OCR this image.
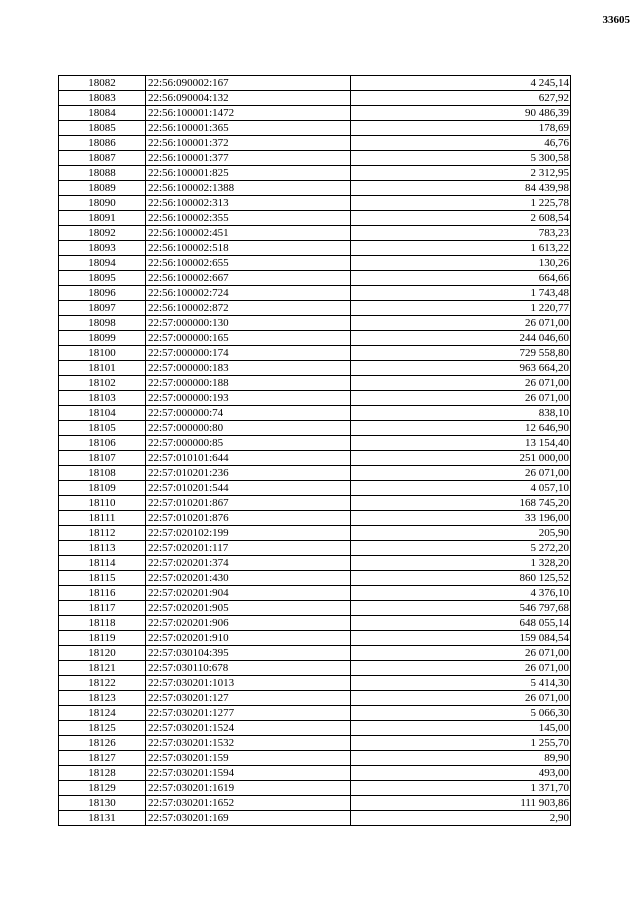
33605
18082	22:56:090002:167	4 245,14
18083	22:56:090004:132	627,92
18084	22:56:100001:1472	90 486,39
18085	22:56:100001:365	178,69
18086	22:56:100001:372	46,76
18087	22:56:100001:377	5 300,58
18088	22:56:100001:825	2 312,95
18089	22:56:100002:1388	84 439,98
18090	22:56:100002:313	1 225,78
18091	22:56:100002:355	2 608,54
18092	22:56:100002:451	783,23
18093	22:56:100002:518	1 613,22
18094	22:56:100002:655	130,26
18095	22:56:100002:667	664,66
18096	22:56:100002:724	1 743,48
18097	22:56:100002:872	1 220,77
18098	22:57:000000:130	26 071,00
18099	22:57:000000:165	244 046,60
18100	22:57:000000:174	729 558,80
18101	22:57:000000:183	963 664,20
18102	22:57:000000:188	26 071,00
18103	22:57:000000:193	26 071,00
18104	22:57:000000:74	838,10
18105	22:57:000000:80	12 646,90
18106	22:57:000000:85	13 154,40
18107	22:57:010101:644	251 000,00
18108	22:57:010201:236	26 071,00
18109	22:57:010201:544	4 057,10
18110	22:57:010201:867	168 745,20
18111	22:57:010201:876	33 196,00
18112	22:57:020102:199	205,90
18113	22:57:020201:117	5 272,20
18114	22:57:020201:374	1 328,20
18115	22:57:020201:430	860 125,52
18116	22:57:020201:904	4 376,10
18117	22:57:020201:905	546 797,68
18118	22:57:020201:906	648 055,14
18119	22:57:020201:910	159 084,54
18120	22:57:030104:395	26 071,00
18121	22:57:030110:678	26 071,00
18122	22:57:030201:1013	5 414,30
18123	22:57:030201:127	26 071,00
18124	22:57:030201:1277	5 066,30
18125	22:57:030201:1524	145,00
18126	22:57:030201:1532	1 255,70
18127	22:57:030201:159	89,90
18128	22:57:030201:1594	493,00
18129	22:57:030201:1619	1 371,70
18130	22:57:030201:1652	111 903,86
18131	22:57:030201:169	2,90
